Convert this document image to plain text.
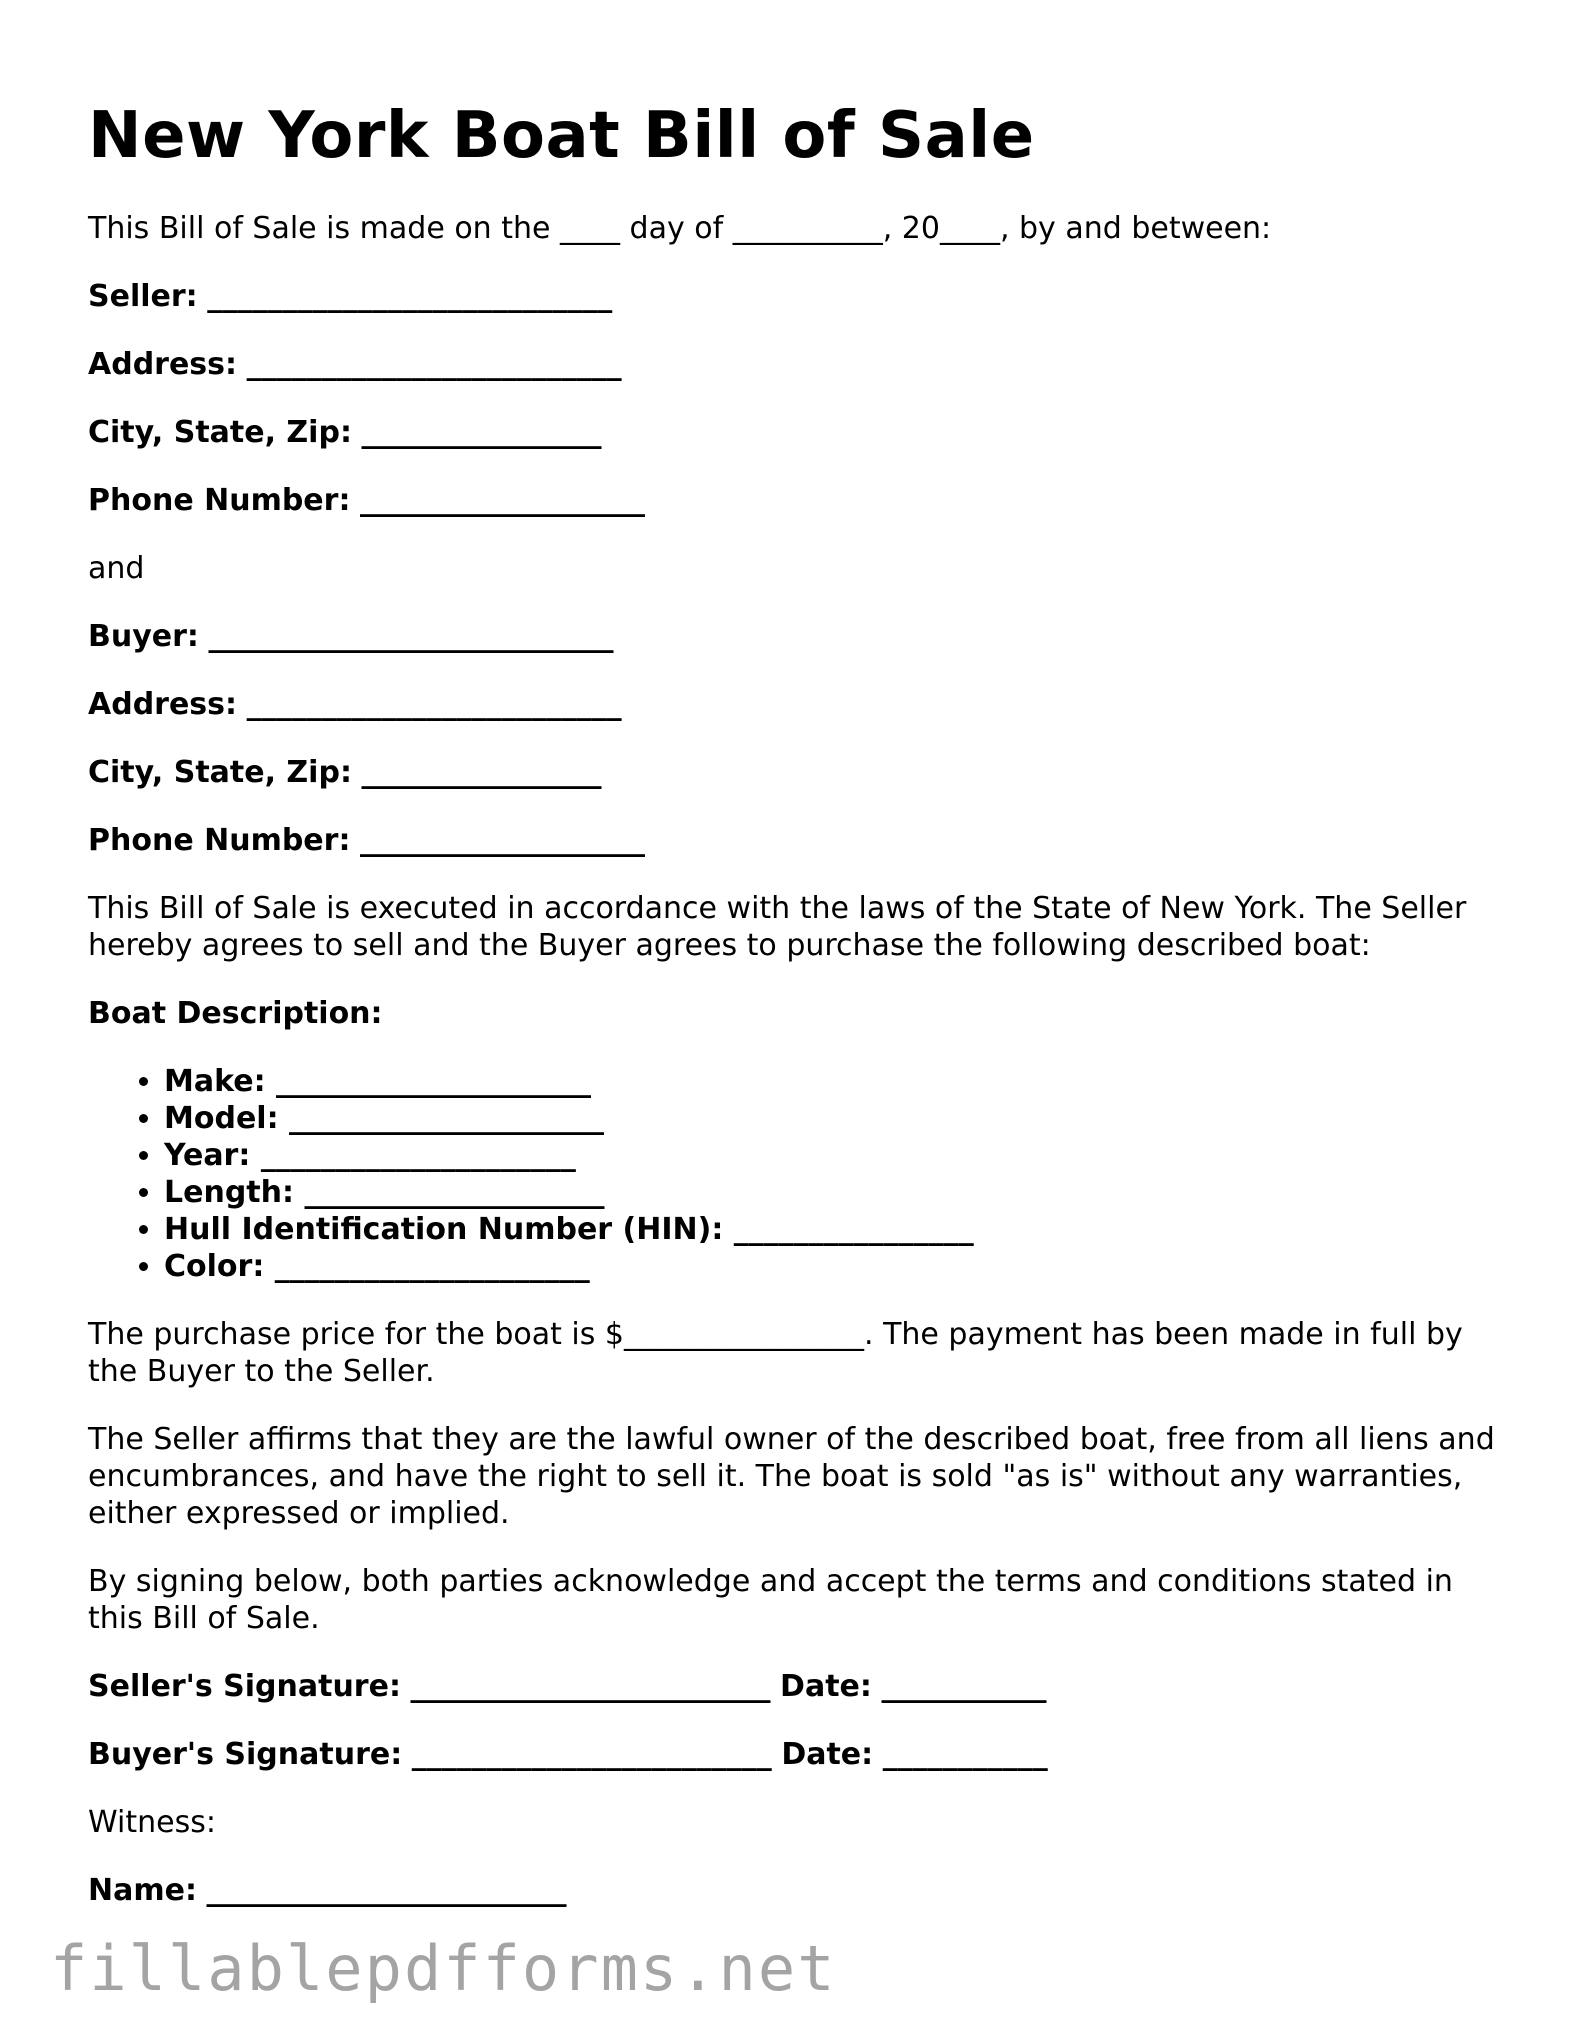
New York Boat Bill of Sale

This Bill of Sale is made on the ____ day of __________, 20____, by and between:

Seller: ___________________________
Address: _________________________
City, State, Zip: ________________
Phone Number: ___________________

and

Buyer: ___________________________
Address: _________________________
City, State, Zip: ________________
Phone Number: ___________________

This Bill of Sale is executed in accordance with the laws of the State of New York. The Seller hereby agrees to sell and the Buyer agrees to purchase the following described boat:

Boat Description:

• Make: _____________________
• Model: _____________________
• Year: _____________________
• Length: ____________________
• Hull Identification Number (HIN): ________________
• Color: _____________________

The purchase price for the boat is $________________. The payment has been made in full by the Buyer to the Seller.

The Seller affirms that they are the lawful owner of the described boat, free from all liens and encumbrances, and have the right to sell it. The boat is sold "as is" without any warranties, either expressed or implied.

By signing below, both parties acknowledge and accept the terms and conditions stated in this Bill of Sale.

Seller's Signature: ________________________ Date: ___________
Buyer's Signature: ________________________ Date: ___________

Witness:

Name: ________________________
fillablepdfforms.net
